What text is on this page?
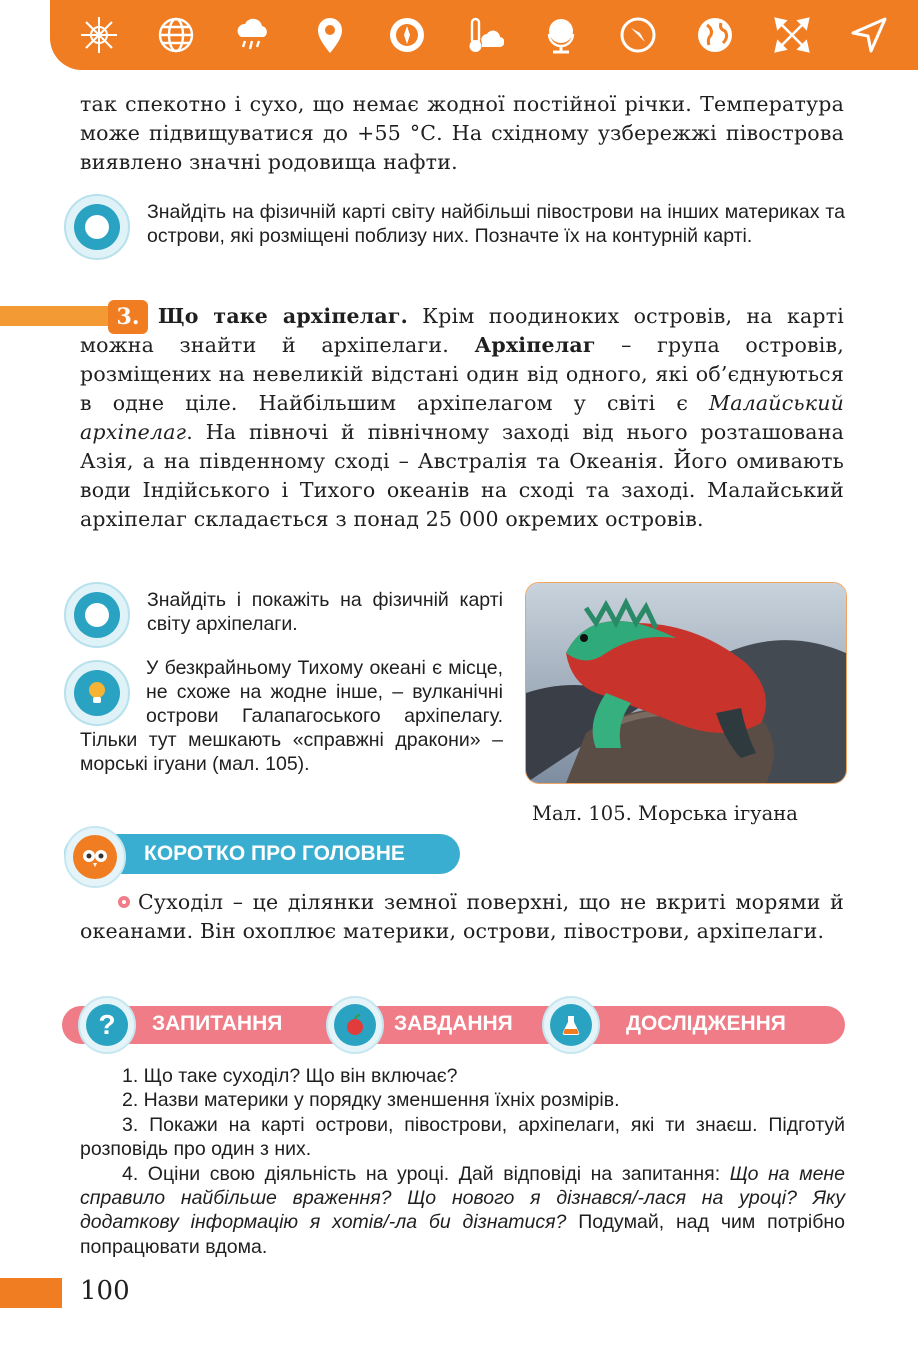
так спекотно і сухо, що немає жодної постійної річки. Температура може підвищуватися до +55 °С. На східному узбережжі півострова виявлено значні родовища нафти.

Знайдіть на фізичній карті світу найбільші півострови на інших материках та острови, які розміщені поблизу них. Позначте їх на контурній карті.

3. Що таке архіпелаг. Крім поодиноких островів, на карті можна знайти й архіпелаги. Архіпелаг – група островів, розміщених на невеликій відстані один від одного, які об’єднуються в одне ціле. Найбільшим архіпелагом у світі є Малайський архіпелаг. На півночі й північному заході від нього розташована Азія, а на південному сході – Австралія та Океанія. Його омивають води Індійського і Тихого океанів на сході та заході. Малайський архіпелаг складається з понад 25 000 окремих островів.

Знайдіть і покажіть на фізичній карті світу архіпелаги.

У безкрайньому Тихому океані є місце, не схоже на жодне інше, – вулканічні острови Галапагоського архіпелагу. Тільки тут мешкають «справжні дракони» – морські ігуани (мал. 105).
Мал. 105. Морська ігуана
КОРОТКО ПРО ГОЛОВНЕ

Суходіл – це ділянки земної поверхні, що не вкриті морями й океанами. Він охоплює материки, острови, півострови, архіпелаги.

?	ЗАПИТАННЯ	ЗАВДАННЯ	ДОСЛІДЖЕННЯ

1. Що таке суходіл? Що він включає?

2. Назви материки у порядку зменшення їхніх розмірів.

3. Покажи на карті острови, півострови, архіпелаги, які ти знаєш. Підготуй розповідь про один з них.

4. Оціни свою діяльність на уроці. Дай відповіді на запитання: Що на мене справило найбільше враження? Що нового я дізнався/-лася на уроці? Яку додаткову інформацію я хотів/-ла би дізнатися? Подумай, над чим потрібно попрацювати вдома.

100
